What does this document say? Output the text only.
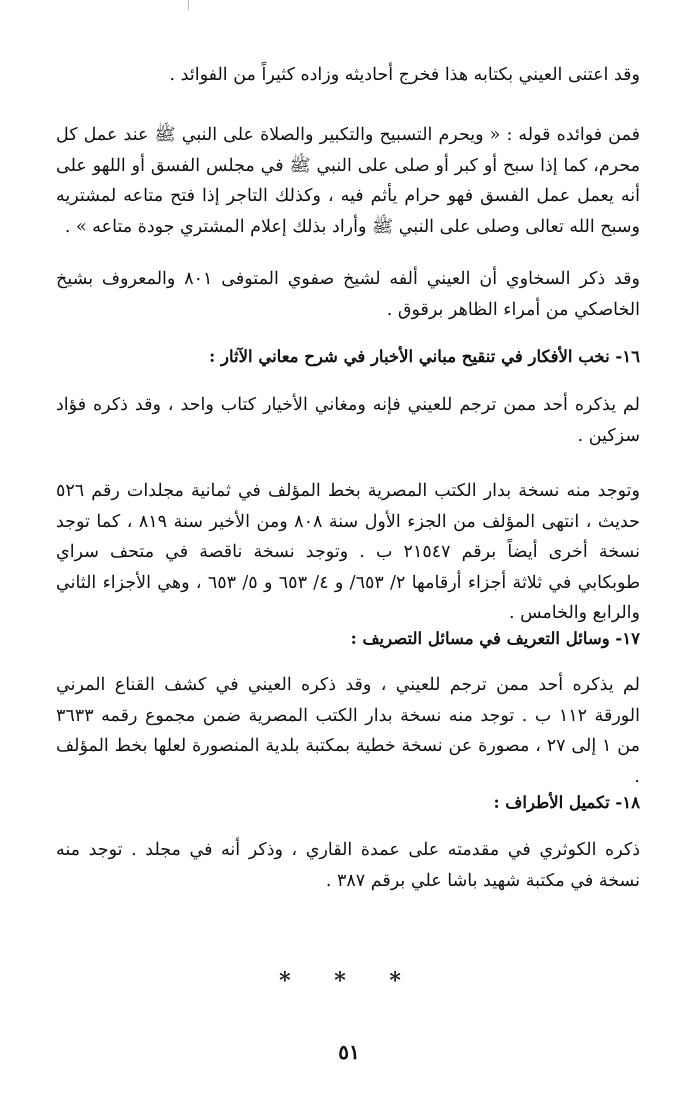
وقد اعتنى العيني بكتابه هذا فخرج أحاديثه وزاده كثيراً من الفوائد .

فمن فوائده قوله : « ويحرم التسبيح والتكبير والصلاة على النبي ﷺ عند عمل كل محرم، كما إذا سبح أو كبر أو صلى على النبي ﷺ في مجلس الفسق أو اللهو على أنه يعمل عمل الفسق فهو حرام يأثم فيه ، وكذلك التاجر إذا فتح متاعه لمشتريه وسبح الله تعالى وصلى على النبي ﷺ وأراد بذلك إعلام المشتري جودة متاعه » .

وقد ذكر السخاوي أن العيني ألفه لشيخ صفوي المتوفى ٨٠١ والمعروف بشيخ الخاصكي من أمراء الظاهر برقوق .

١٦- نخب الأفكار في تنقيح مباني الأخبار في شرح معاني الآثار :

لم يذكره أحد ممن ترجم للعيني فإنه ومغاني الأخيار كتاب واحد ، وقد ذكره فؤاد سزكين .

وتوجد منه نسخة بدار الكتب المصرية بخط المؤلف في ثمانية مجلدات رقم ٥٢٦ حديث ، انتهى المؤلف من الجزء الأول سنة ٨٠٨ ومن الأخير سنة ٨١٩ ، كما توجد نسخة أخرى أيضاً برقم ٢١٥٤٧ ب . وتوجد نسخة ناقصة في متحف سراي طوبكابي في ثلاثة أجزاء أرقامها ٢/ ٦٥٣/ و ٤/ ٦٥٣ و ٥/ ٦٥٣ ، وهي الأجزاء الثاني والرابع والخامس .

١٧- وسائل التعريف في مسائل التصريف :

لم يذكره أحد ممن ترجم للعيني ، وقد ذكره العيني في كشف القناع المرني الورقة ١١٢ ب . توجد منه نسخة بدار الكتب المصرية ضمن مجموع رقمه ٣٦٣٣ من ١ إلى ٢٧ ، مصورة عن نسخة خطية بمكتبة بلدية المنصورة لعلها بخط المؤلف .

١٨- تكميل الأطراف :

ذكره الكوثري في مقدمته على عمدة القاري ، وذكر أنه في مجلد . توجد منه نسخة في مكتبة شهيد باشا علي برقم ٣٨٧ .

* * *
٥١
